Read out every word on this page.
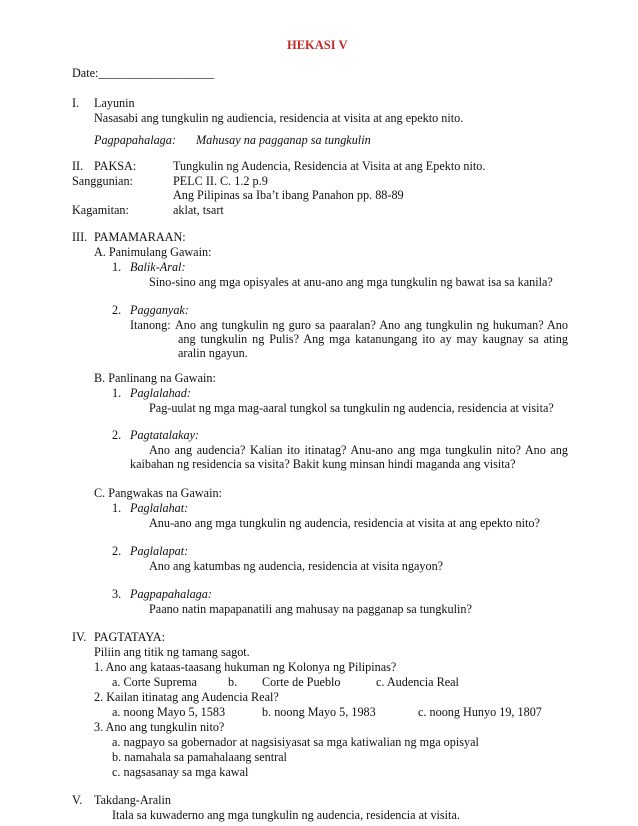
HEKASI V
Date:___________________
I. Layunin
Nasasabi ang tungkulin ng audiencia, residencia at visita at ang epekto nito.
Pagpapahalaga: Mahusay na pagganap sa tungkulin
II. PAKSA:	Tungkulin ng Audencia, Residencia at Visita at ang Epekto nito.
Sanggunian:	PELC II. C. 1.2 p.9
Ang Pilipinas sa Iba’t ibang Panahon pp. 88-89
Kagamitan:	aklat, tsart
III. PAMAMARAAN:
A. Panimulang Gawain:
1. Balik-Aral:
Sino-sino ang mga opisyales at anu-ano ang mga tungkulin ng bawat isa sa kanila?
2. Pagganyak:
Itanong: Ano ang tungkulin ng guro sa paaralan? Ano ang tungkulin ng hukuman? Ano ang tungkulin ng Pulis? Ang mga katanungang ito ay may kaugnay sa ating aralin ngayun.
B. Panlinang na Gawain:
1. Paglalahad:
Pag-uulat ng mga mag-aaral tungkol sa tungkulin ng audencia, residencia at visita?
2. Pagtatalakay:
Ano ang audencia? Kalian ito itinatag? Anu-ano ang mga tungkulin nito? Ano ang kaibahan ng residencia sa visita? Bakit kung minsan hindi maganda ang visita?
C. Pangwakas na Gawain:
1. Paglalahat:
Anu-ano ang mga tungkulin ng audencia, residencia at visita at ang epekto nito?
2. Paglalapat:
Ano ang katumbas ng audencia, residencia at visita ngayon?
3. Pagpapahalaga:
Paano natin mapapanatili ang mahusay na pagganap sa tungkulin?
IV. PAGTATAYA:
Piliin ang titik ng tamang sagot.
1. Ano ang kataas-taasang hukuman ng Kolonya ng Pilipinas?
a. Corte Suprema	b. Corte de Pueblo	c. Audencia Real
2. Kailan itinatag ang Audencia Real?
a. noong Mayo 5, 1583	b. noong Mayo 5, 1983	c. noong Hunyo 19, 1807
3. Ano ang tungkulin nito?
a. nagpayo sa gobernador at nagsisiyasat sa mga katiwalian ng mga opisyal
b. namahala sa pamahalaang sentral
c. nagsasanay sa mga kawal
V. Takdang-Aralin
Itala sa kuwaderno ang mga tungkulin ng audencia, residencia at visita.
